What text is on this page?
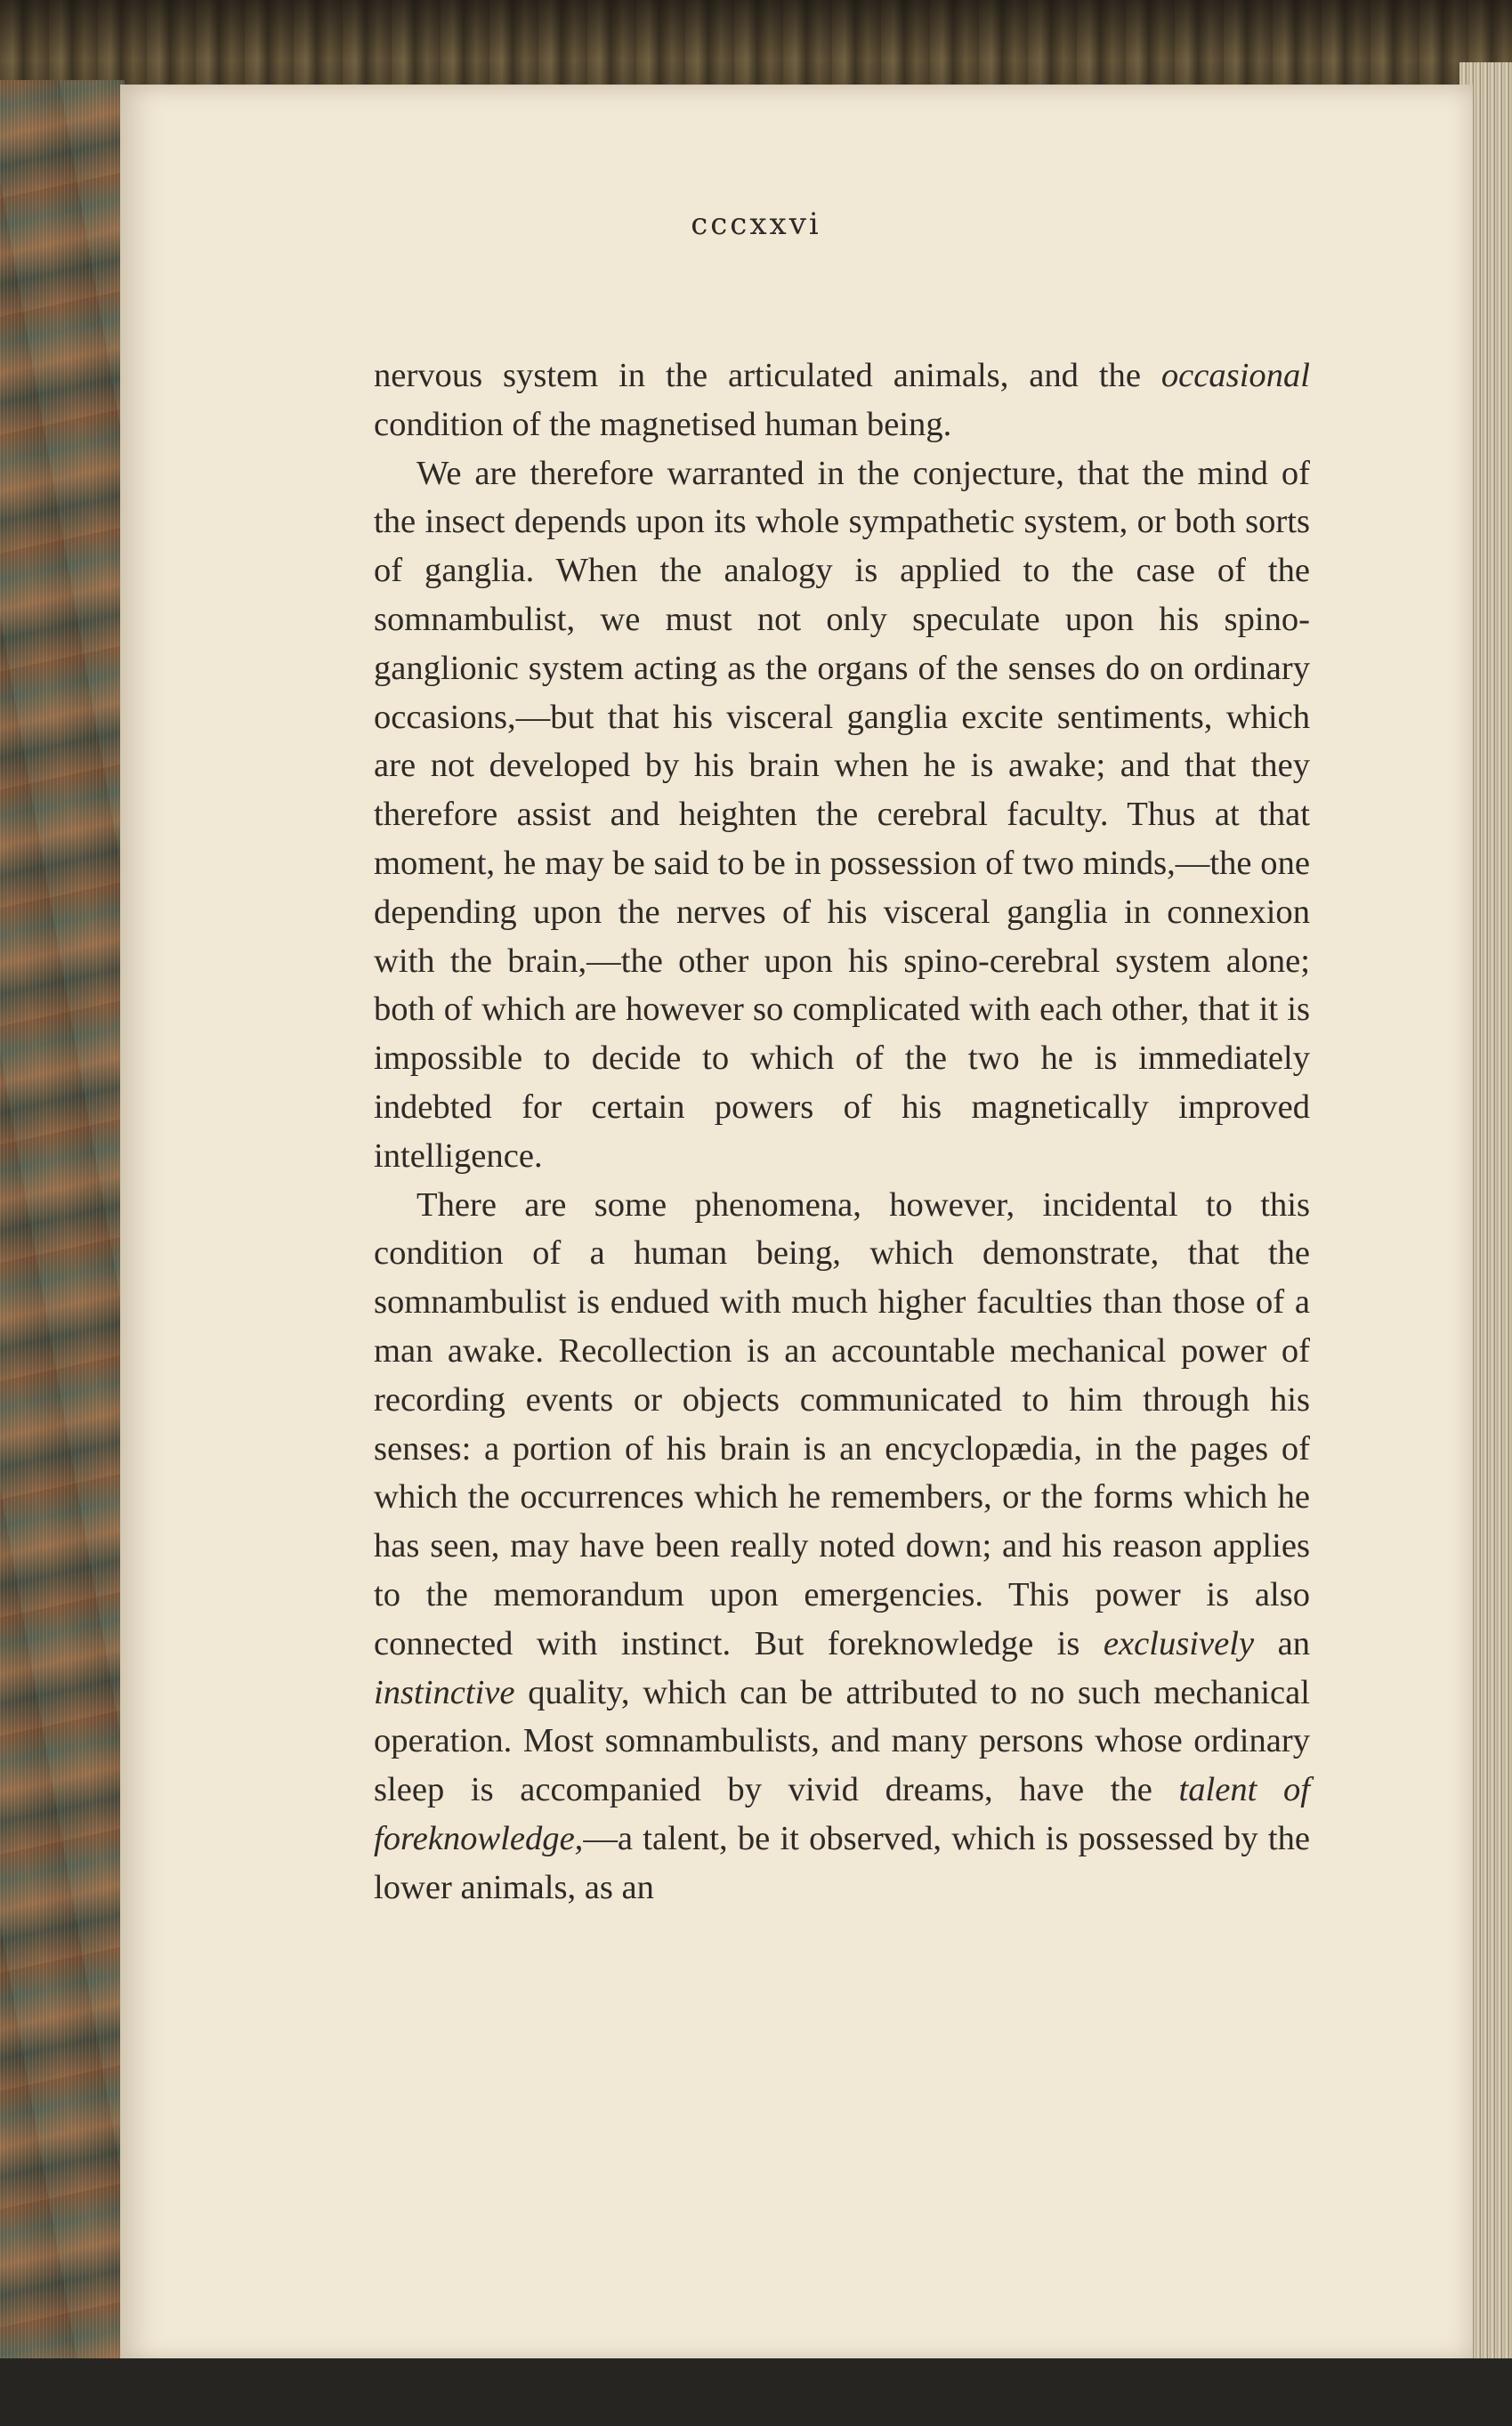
cccxxvi

nervous system in the articulated animals, and the occasional condition of the magnetised human being.

We are therefore warranted in the conjecture, that the mind of the insect depends upon its whole sympathetic system, or both sorts of ganglia. When the analogy is applied to the case of the somnambulist, we must not only speculate upon his spino-ganglionic system acting as the organs of the senses do on ordinary occasions,—but that his visceral ganglia excite sentiments, which are not developed by his brain when he is awake; and that they therefore assist and heighten the cerebral faculty. Thus at that moment, he may be said to be in possession of two minds,—the one depending upon the nerves of his visceral ganglia in connexion with the brain,—the other upon his spino-cerebral system alone; both of which are however so complicated with each other, that it is impossible to decide to which of the two he is immediately indebted for certain powers of his magnetically improved intelligence.

There are some phenomena, however, incidental to this condition of a human being, which demonstrate, that the somnambulist is endued with much higher faculties than those of a man awake. Recollection is an accountable mechanical power of recording events or objects communicated to him through his senses: a portion of his brain is an encyclopædia, in the pages of which the occurrences which he remembers, or the forms which he has seen, may have been really noted down; and his reason applies to the memorandum upon emergencies. This power is also connected with instinct. But foreknowledge is exclusively an instinctive quality, which can be attributed to no such mechanical operation. Most somnambulists, and many persons whose ordinary sleep is accompanied by vivid dreams, have the talent of foreknowledge,—a talent, be it observed, which is possessed by the lower animals, as an
